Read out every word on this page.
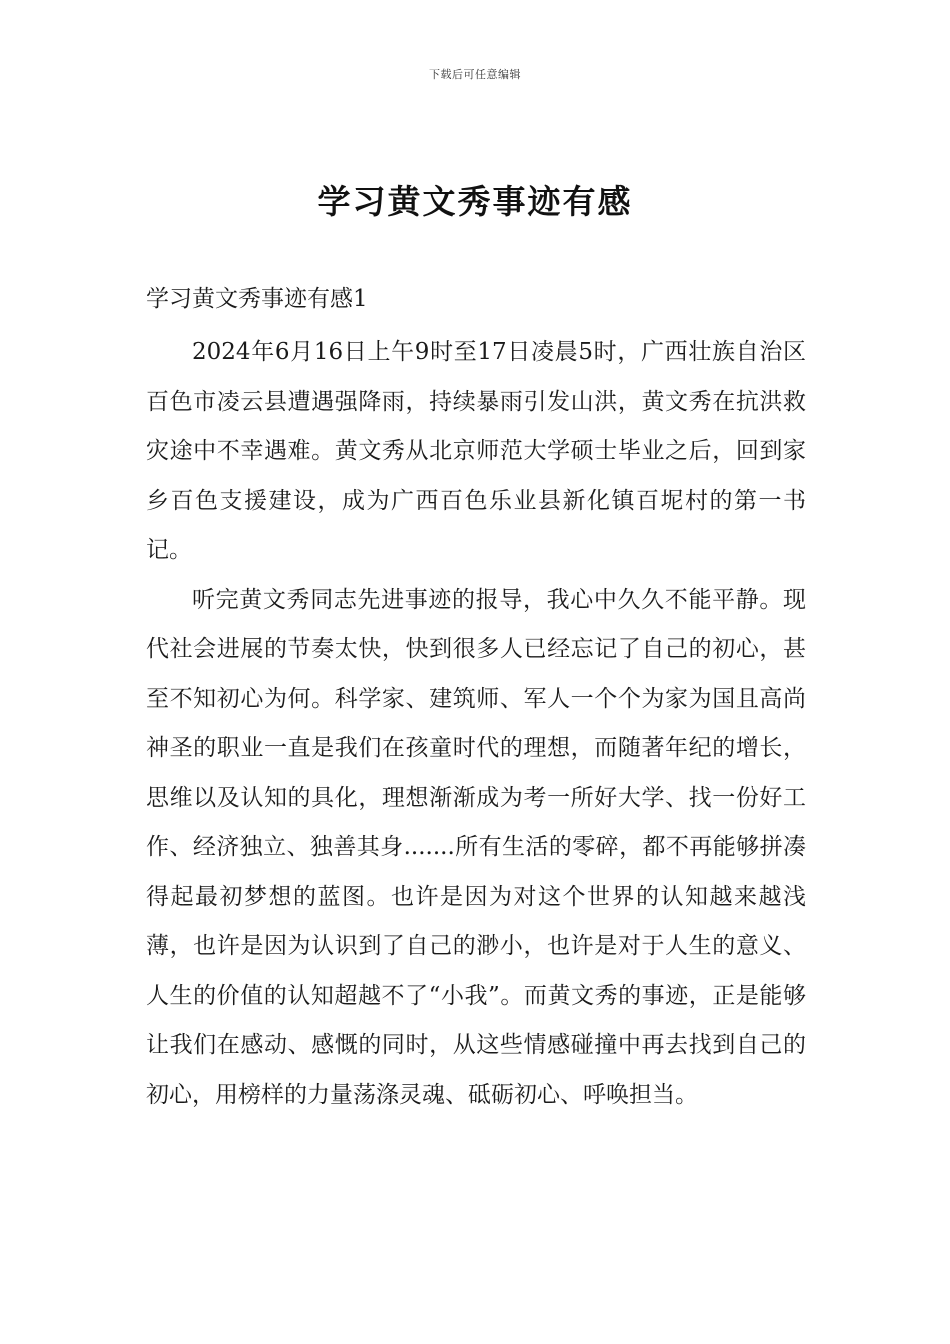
下载后可任意编辑
学习黄文秀事迹有感
学习黄文秀事迹有感1

2024年6月16日上午9时至17日凌晨5时，广西壮族自治区百色市凌云县遭遇强降雨，持续暴雨引发山洪，黄文秀在抗洪救灾途中不幸遇难。黄文秀从北京师范大学硕士毕业之后，回到家乡百色支援建设，成为广西百色乐业县新化镇百坭村的第一书记。

听完黄文秀同志先进事迹的报导，我心中久久不能平静。现代社会进展的节奏太快，快到很多人已经忘记了自己的初心，甚至不知初心为何。科学家、建筑师、军人一个个为家为国且高尚神圣的职业一直是我们在孩童时代的理想，而随著年纪的增长，思维以及认知的具化，理想渐渐成为考一所好大学、找一份好工作、经济独立、独善其身.......所有生活的零碎，都不再能够拼凑得起最初梦想的蓝图。也许是因为对这个世界的认知越来越浅薄，也许是因为认识到了自己的渺小，也许是对于人生的意义、人生的价值的认知超越不了“小我”。而黄文秀的事迹，正是能够让我们在感动、感慨的同时，从这些情感碰撞中再去找到自己的初心，用榜样的力量荡涤灵魂、砥砺初心、呼唤担当。
